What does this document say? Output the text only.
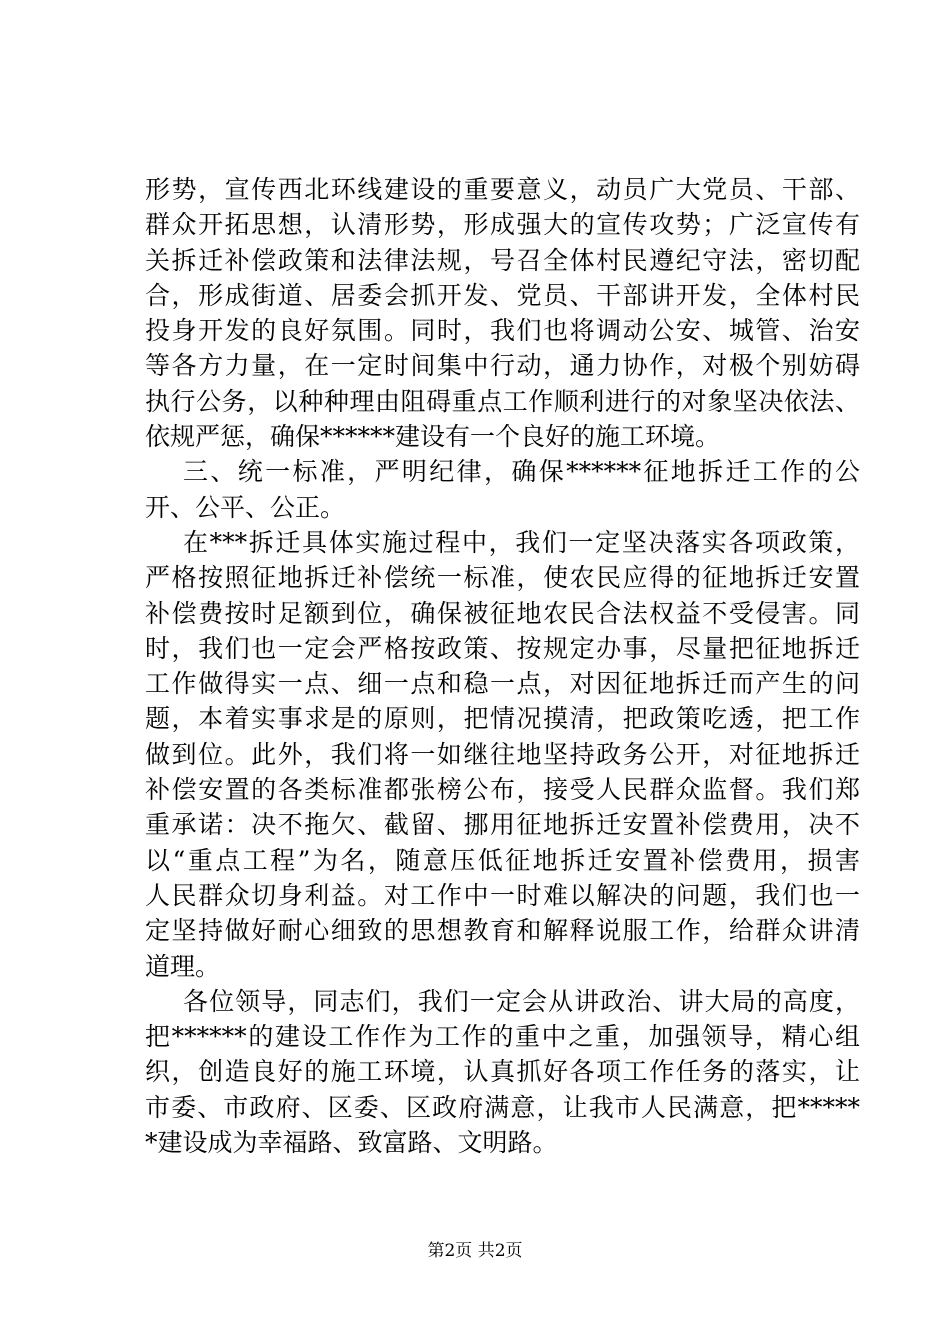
形势，宣传西北环线建设的重要意义，动员广大党员、干部、
群众开拓思想，认清形势，形成强大的宣传攻势；广泛宣传有
关拆迁补偿政策和法律法规，号召全体村民遵纪守法，密切配
合，形成街道、居委会抓开发、党员、干部讲开发，全体村民
投身开发的良好氛围。同时，我们也将调动公安、城管、治安
等各方力量，在一定时间集中行动，通力协作，对极个别妨碍
执行公务，以种种理由阻碍重点工作顺利进行的对象坚决依法、
依规严惩，确保******建设有一个良好的施工环境。
三、统一标准，严明纪律，确保******征地拆迁工作的公
开、公平、公正。
在***拆迁具体实施过程中，我们一定坚决落实各项政策，
严格按照征地拆迁补偿统一标准，使农民应得的征地拆迁安置
补偿费按时足额到位，确保被征地农民合法权益不受侵害。同
时，我们也一定会严格按政策、按规定办事，尽量把征地拆迁
工作做得实一点、细一点和稳一点，对因征地拆迁而产生的问
题，本着实事求是的原则，把情况摸清，把政策吃透，把工作
做到位。此外，我们将一如继往地坚持政务公开，对征地拆迁
补偿安置的各类标准都张榜公布，接受人民群众监督。我们郑
重承诺：决不拖欠、截留、挪用征地拆迁安置补偿费用，决不
以“重点工程”为名，随意压低征地拆迁安置补偿费用，损害
人民群众切身利益。对工作中一时难以解决的问题，我们也一
定坚持做好耐心细致的思想教育和解释说服工作，给群众讲清
道理。
各位领导，同志们，我们一定会从讲政治、讲大局的高度，
把******的建设工作作为工作的重中之重，加强领导，精心组
织，创造良好的施工环境，认真抓好各项工作任务的落实，让
市委、市政府、区委、区政府满意，让我市人民满意，把*****
*建设成为幸福路、致富路、文明路。
第2页 共2页
